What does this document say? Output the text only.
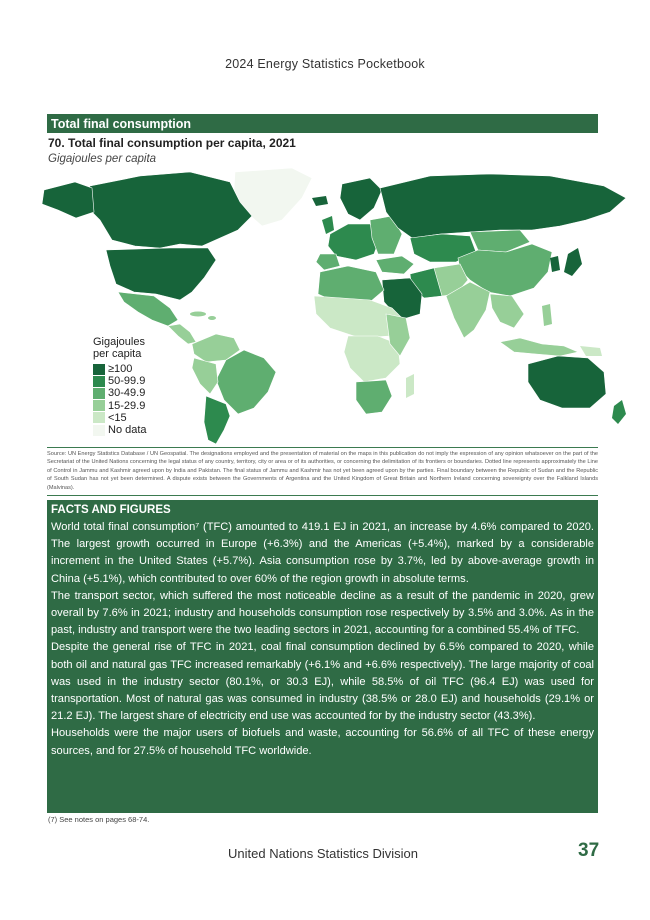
2024 Energy Statistics Pocketbook
Total final consumption
70. Total final consumption per capita, 2021
Gigajoules per capita
Gigajoules
per capita
≥100
50-99.9
30-49.9
15-29.9
<15
No data
Source: UN Energy Statistics Database / UN Geospatial. The designations employed and the presentation of material on the maps in this publication do not imply the expression of any opinion whatsoever on the part of the Secretariat of the United Nations concerning the legal status of any country, territory, city or area or of its authorities, or concerning the delimitation of its frontiers or boundaries. Dotted line represents approximately the Line of Control in Jammu and Kashmir agreed upon by India and Pakistan. The final status of Jammu and Kashmir has not yet been agreed upon by the parties. Final boundary between the Republic of Sudan and the Republic of South Sudan has not yet been determined. A dispute exists between the Governments of Argentina and the United Kingdom of Great Britain and Northern Ireland concerning sovereignty over the Falkland Islands (Malvinas).
FACTS AND FIGURES
World total final consumption⁷ (TFC) amounted to 419.1 EJ in 2021, an increase by 4.6% compared to 2020. The largest growth occurred in Europe (+6.3%) and the Americas (+5.4%), marked by a considerable increment in the United States (+5.7%). Asia consumption rose by 3.7%, led by above-average growth in China (+5.1%), which contributed to over 60% of the region growth in absolute terms.
The transport sector, which suffered the most noticeable decline as a result of the pandemic in 2020, grew overall by 7.6% in 2021; industry and households consumption rose respectively by 3.5% and 3.0%. As in the past, industry and transport were the two leading sectors in 2021, accounting for a combined 55.4% of TFC.
Despite the general rise of TFC in 2021, coal final consumption declined by 6.5% compared to 2020, while both oil and natural gas TFC increased remarkably (+6.1% and +6.6% respectively). The large majority of coal was used in the industry sector (80.1%, or 30.3 EJ), while 58.5% of oil TFC (96.4 EJ) was used for transportation. Most of natural gas was consumed in industry (38.5% or 28.0 EJ) and households (29.1% or 21.2 EJ). The largest share of electricity end use was accounted for by the industry sector (43.3%).
Households were the major users of biofuels and waste, accounting for 56.6% of all TFC of these energy sources, and for 27.5% of household TFC worldwide.
(7) See notes on pages 68-74.
United Nations Statistics Division	37
